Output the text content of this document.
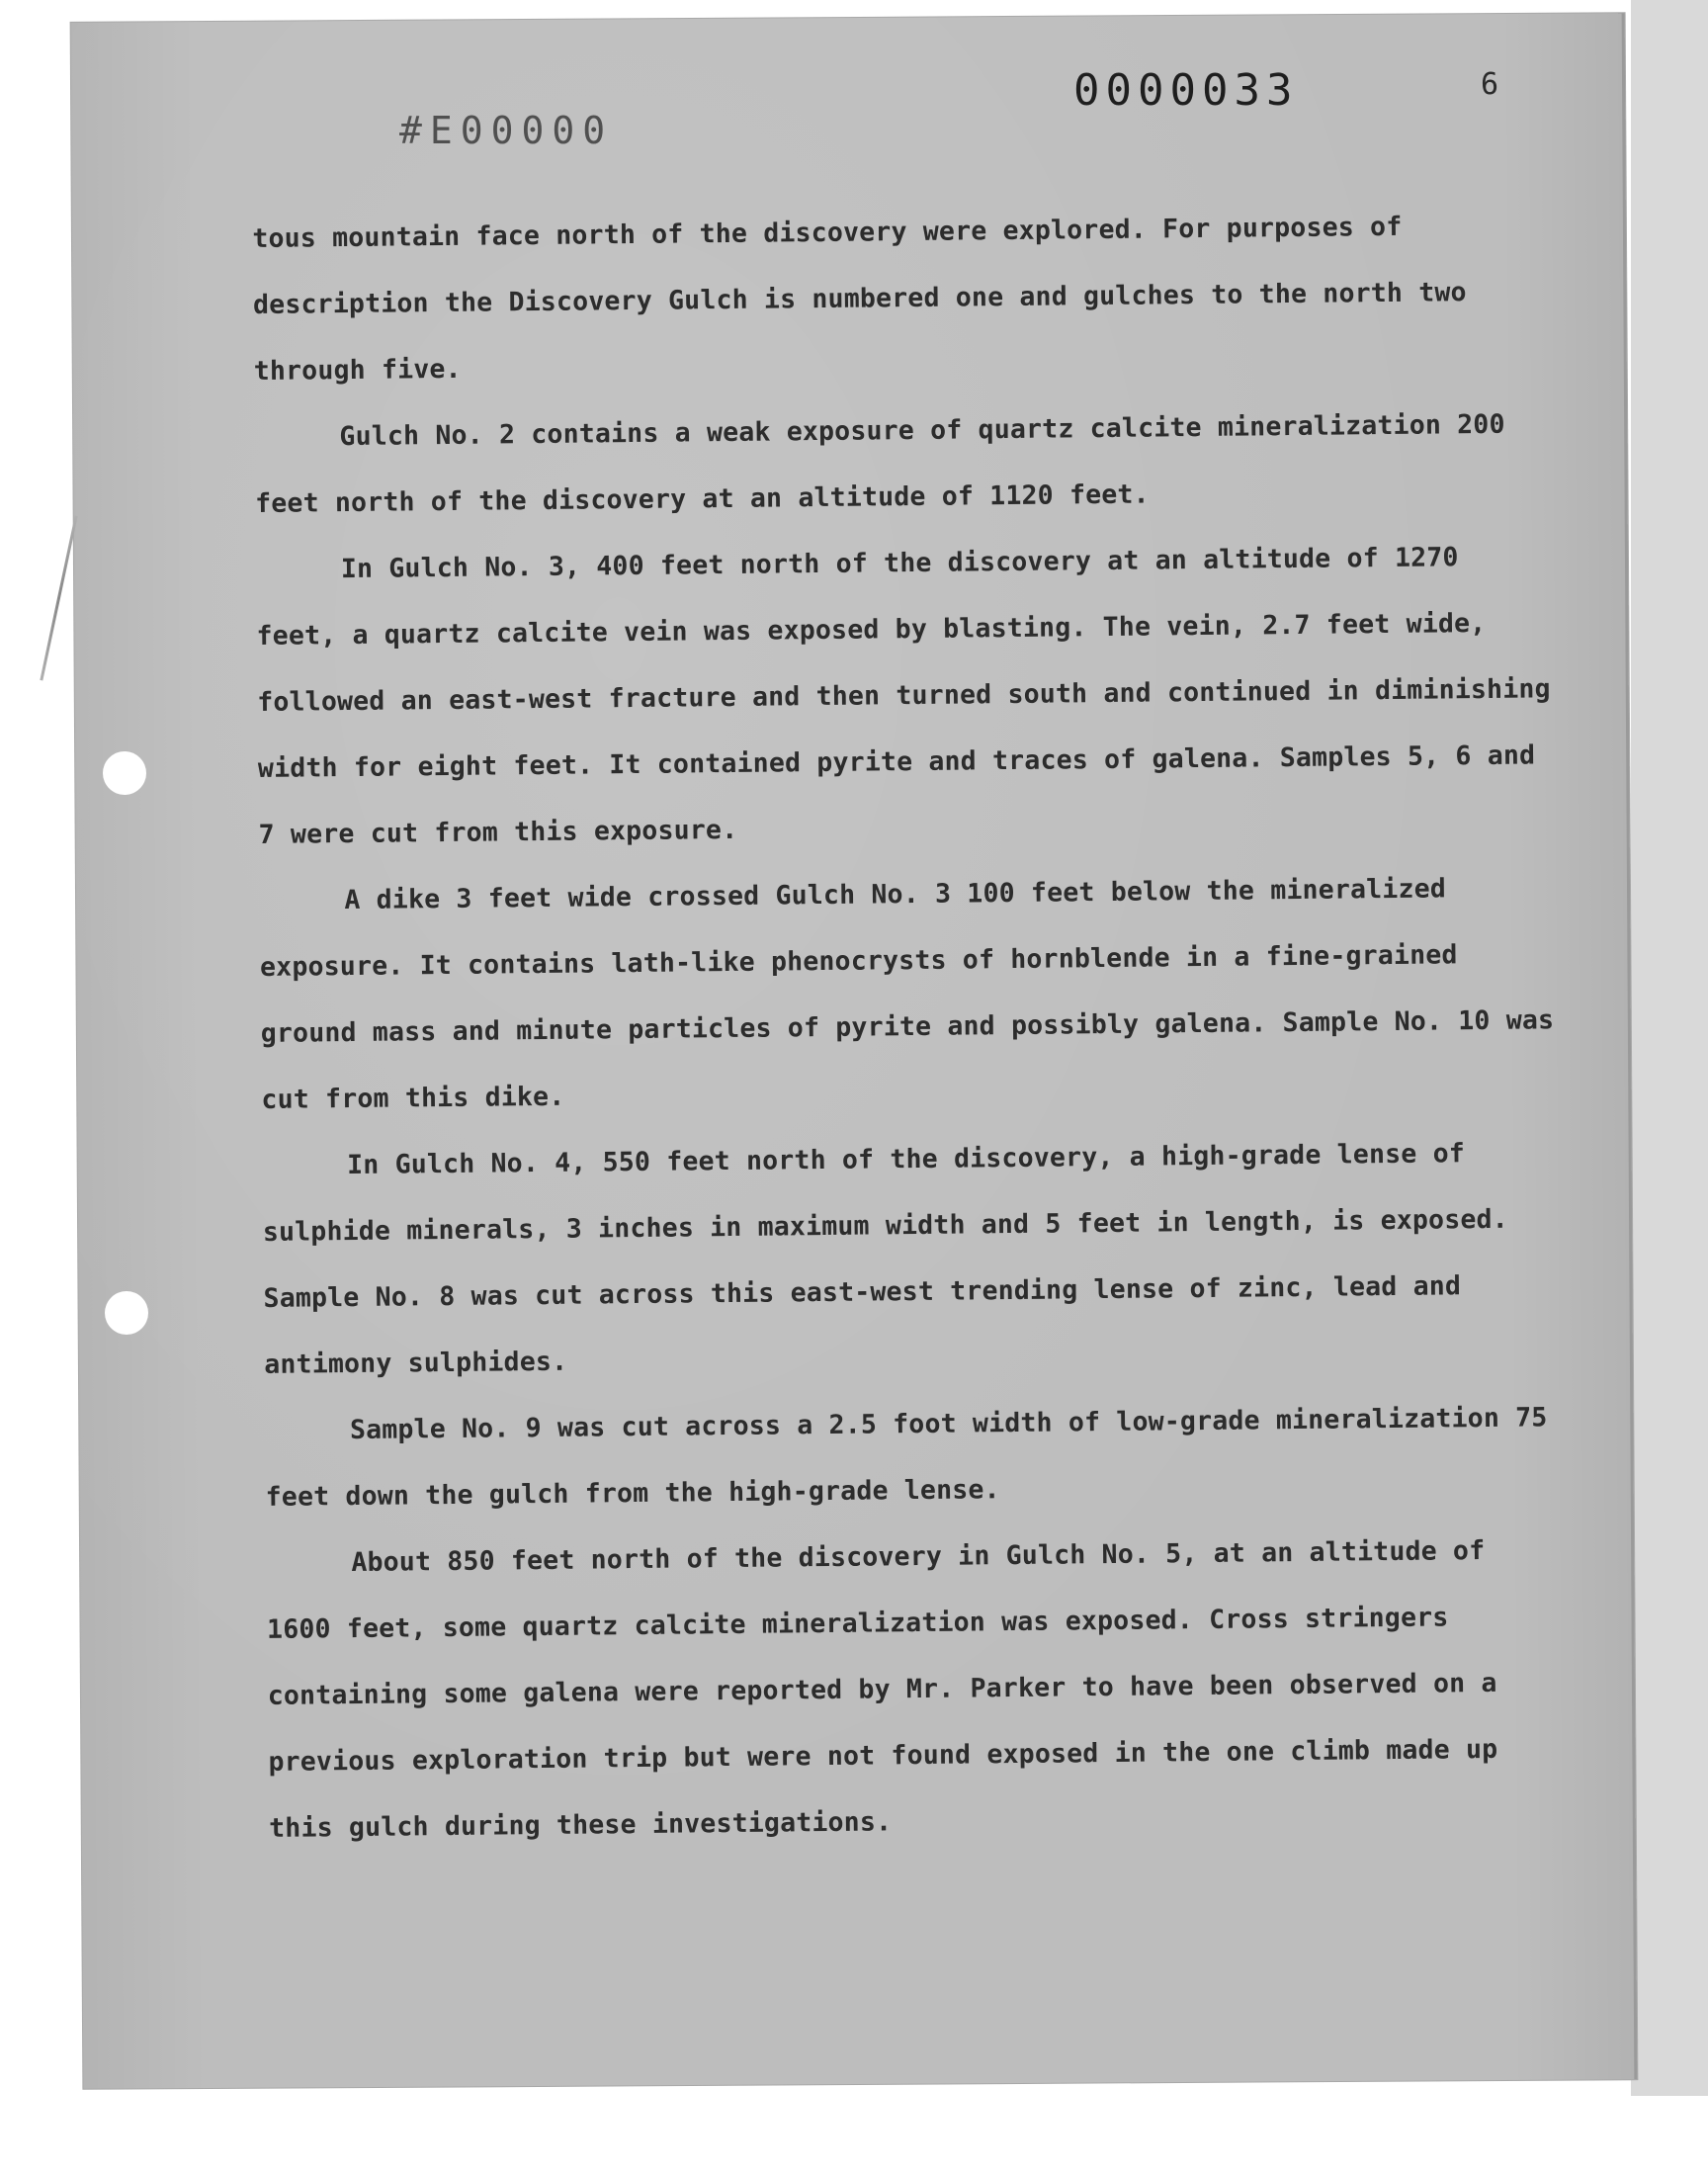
0000033	6
#E00000

tous mountain face north of the discovery were explored. For purposes of description the Discovery Gulch is numbered one and gulches to the north two through five.

Gulch No. 2 contains a weak exposure of quartz calcite mineralization 200 feet north of the discovery at an altitude of 1120 feet.

In Gulch No. 3, 400 feet north of the discovery at an altitude of 1270 feet, a quartz calcite vein was exposed by blasting. The vein, 2.7 feet wide, followed an east-west fracture and then turned south and continued in diminishing width for eight feet. It contained pyrite and traces of galena. Samples 5, 6 and 7 were cut from this exposure.

A dike 3 feet wide crossed Gulch No. 3 100 feet below the mineralized exposure. It contains lath-like phenocrysts of hornblende in a fine-grained ground mass and minute particles of pyrite and possibly galena. Sample No. 10 was cut from this dike.

In Gulch No. 4, 550 feet north of the discovery, a high-grade lense of sulphide minerals, 3 inches in maximum width and 5 feet in length, is exposed. Sample No. 8 was cut across this east-west trending lense of zinc, lead and antimony sulphides.

Sample No. 9 was cut across a 2.5 foot width of low-grade mineralization 75 feet down the gulch from the high-grade lense.

About 850 feet north of the discovery in Gulch No. 5, at an altitude of 1600 feet, some quartz calcite mineralization was exposed. Cross stringers containing some galena were reported by Mr. Parker to have been observed on a previous exploration trip but were not found exposed in the one climb made up this gulch during these investigations.
